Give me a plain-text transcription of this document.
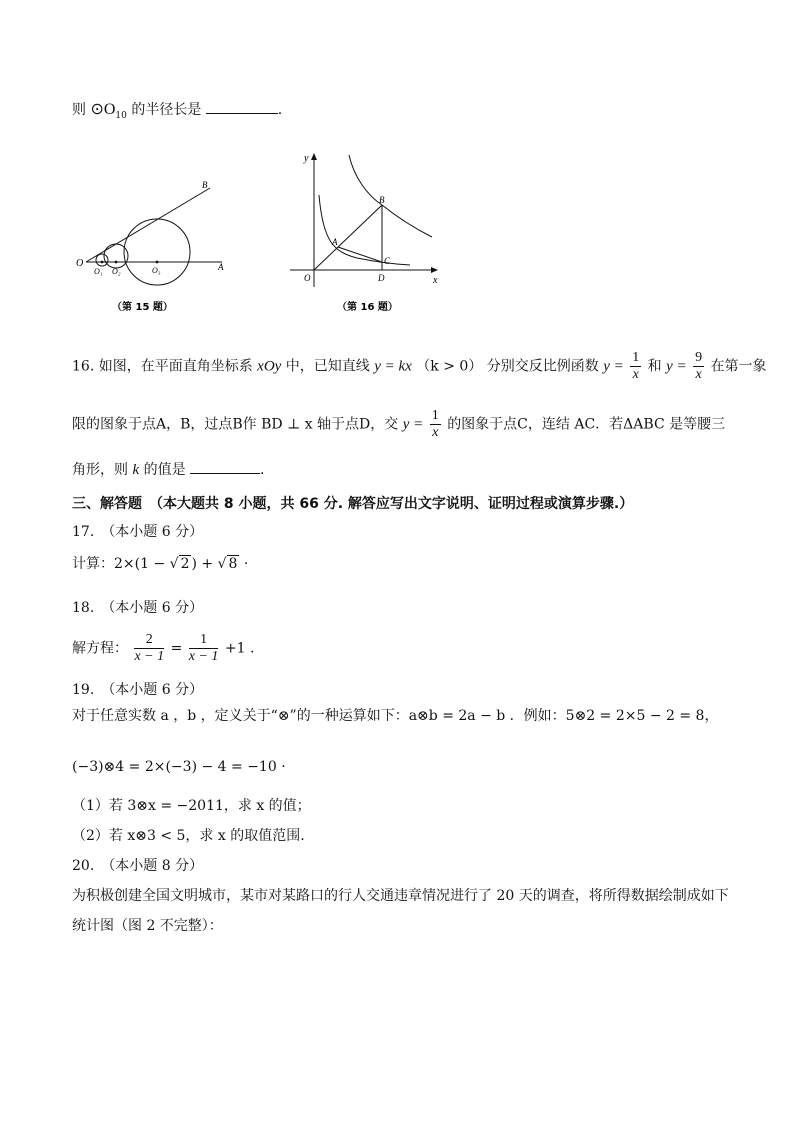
则 $⊙O_{10}$ 的半径长是	.
O
O₁ O₂	O₃	A
B
（第 15 题）
y
x
O
A
B
C
D
（第 16 题）
16. 如图，在平面直角坐标系 xOy 中，已知直线 y = kx （k > 0） 分别交反比例函数 $y = \frac{1}{x}$ 和 $y = \frac{9}{x}$ 在第一象
限的图象于点A，B，过点B作 BD ⊥ x 轴于点D，交 $y = \frac{1}{x}$ 的图象于点C，连结 AC．若ΔABC 是等腰三
角形，则 k 的值是	.
三、解答题　（本大题共 8 小题，共 66 分. 解答应写出文字说明、证明过程或演算步骤.）
17.　（本小题 6 分）
计算：2×(1 − √ 2 ) + √ 8 ·
18.　（本小题 6 分）
解方程： $\frac{2}{x - 1} = \frac{1}{x - 1} +1$ .
19.　（本小题 6 分）
对于任意实数 a ，b ，定义关于“⊗”的一种运算如下：a⊗b = 2a − b ．例如：5⊗2 = 2×5 − 2 = 8，
(−3)⊗4 = 2×(−3) − 4 = −10 ·
（1）若 3⊗x = −2011，求 x 的值；
（2）若 x⊗3 < 5，求 x 的取值范围.
20.　（本小题 8 分）
为积极创建全国文明城市，某市对某路口的行人交通违章情况进行了 20 天的调查，将所得数据绘制成如下
统计图（图 2 不完整）：
